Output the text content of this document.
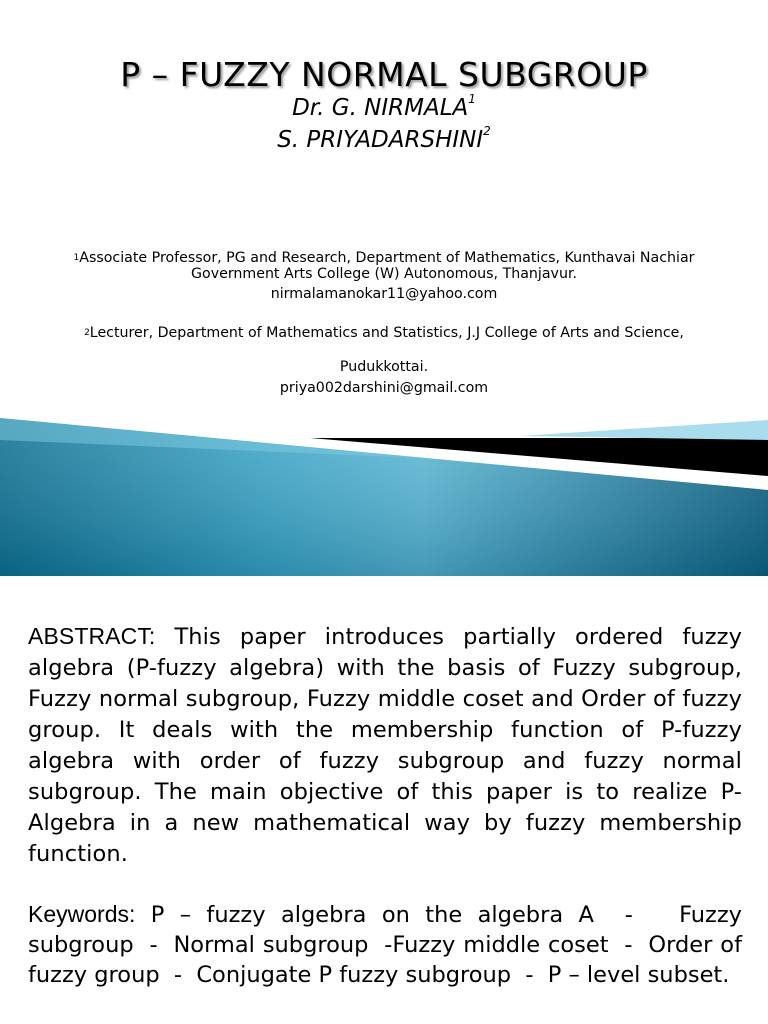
P – FUZZY NORMAL SUBGROUP
Dr. G. NIRMALA$^1$
S. PRIYADARSHINI$^2$
$^1$Associate Professor, PG and Research, Department of Mathematics, Kunthavai Nachiar Government Arts College (W) Autonomous, Thanjavur.
nirmalamanokar11@yahoo.com
$^2$Lecturer, Department of Mathematics and Statistics, J.J College of Arts and Science,
Pudukkottai.
priya002darshini@gmail.com

ABSTRACT: This paper introduces partially ordered fuzzy algebra (P-fuzzy algebra) with the basis of Fuzzy subgroup, Fuzzy normal subgroup, Fuzzy middle coset and Order of fuzzy group. It deals with the membership function of P-fuzzy algebra with order of fuzzy subgroup and fuzzy normal subgroup. The main objective of this paper is to realize P-Algebra in a new mathematical way by fuzzy membership function.

Keywords: P – fuzzy algebra on the algebra A  -   Fuzzy subgroup  -  Normal subgroup  -Fuzzy middle coset  -  Order of fuzzy group  -  Conjugate P fuzzy subgroup  -  P – level subset.
